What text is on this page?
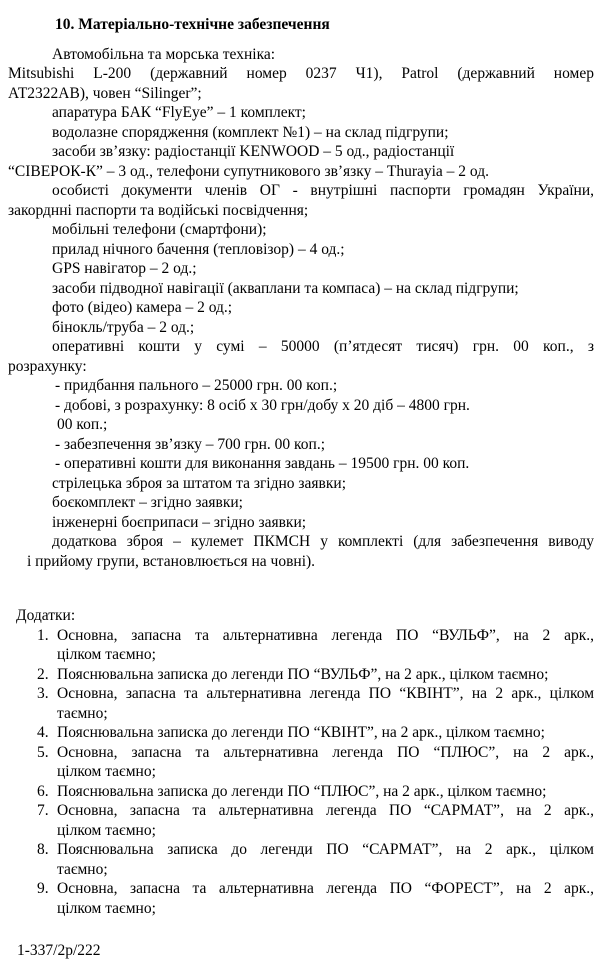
10. Матеріально-технічне забезпечення
Автомобільна та морська техніка:
Mitsubishi L-200 (державний номер 0237 Ч1), Patrol (державний номер
АТ2322АВ), човен “Silinger”;
апаратура БАК “FlyEye” – 1 комплект;
водолазне спорядження (комплект №1) – на склад підгрупи;
засоби зв’язку: радіостанції KENWOOD – 5 од., радіостанції
“СІВЕРОК-К” – 3 од., телефони супутникового зв’язку – Thurayia – 2 од.
особисті документи членів ОГ - внутрішні паспорти громадян України,
закорднні паспорти та водійські посвідчення;
мобільні телефони (смартфони);
прилад нічного бачення (тепловізор) – 4 од.;
GPS навігатор – 2 од.;
засоби підводної навігації (акваплани та компаса) – на склад підгрупи;
фото (відео) камера – 2 од.;
бінокль/труба – 2 од.;
оперативні кошти у сумі – 50000 (п’ятдесят тисяч) грн. 00 коп., з
розрахунку:
- придбання пального – 25000 грн. 00 коп.;
- добові, з розрахунку: 8 осіб х 30 грн/добу х 20 діб – 4800 грн.
00 коп.;
- забезпечення зв’язку – 700 грн. 00 коп.;
- оперативні кошти для виконання завдань – 19500 грн. 00 коп.
стрілецька зброя за штатом та згідно заявки;
боєкомплект – згідно заявки;
інженерні боєприпаси – згідно заявки;
додаткова зброя – кулемет ПКМСН у комплекті (для забезпечення виводу
і прийому групи, встановлюється на човні).
Додатки:
1. Основна, запасна та альтернативна легенда ПО “ВУЛЬФ”, на 2 арк.,
цілком таємно;
2. Пояснювальна записка до легенди ПО “ВУЛЬФ”, на 2 арк., цілком таємно;
3. Основна, запасна та альтернативна легенда ПО “КВІНТ”, на 2 арк., цілком
таємно;
4. Пояснювальна записка до легенди ПО “КВІНТ”, на 2 арк., цілком таємно;
5. Основна, запасна та альтернативна легенда ПО “ПЛЮС”, на 2 арк.,
цілком таємно;
6. Пояснювальна записка до легенди ПО “ПЛЮС”, на 2 арк., цілком таємно;
7. Основна, запасна та альтернативна легенда ПО “САРМАТ”, на 2 арк.,
цілком таємно;
8. Пояснювальна записка до легенди ПО “САРМАТ”, на 2 арк., цілком
таємно;
9. Основна, запасна та альтернативна легенда ПО “ФОРЕСТ”, на 2 арк.,
цілком таємно;
1-337/2р/222
